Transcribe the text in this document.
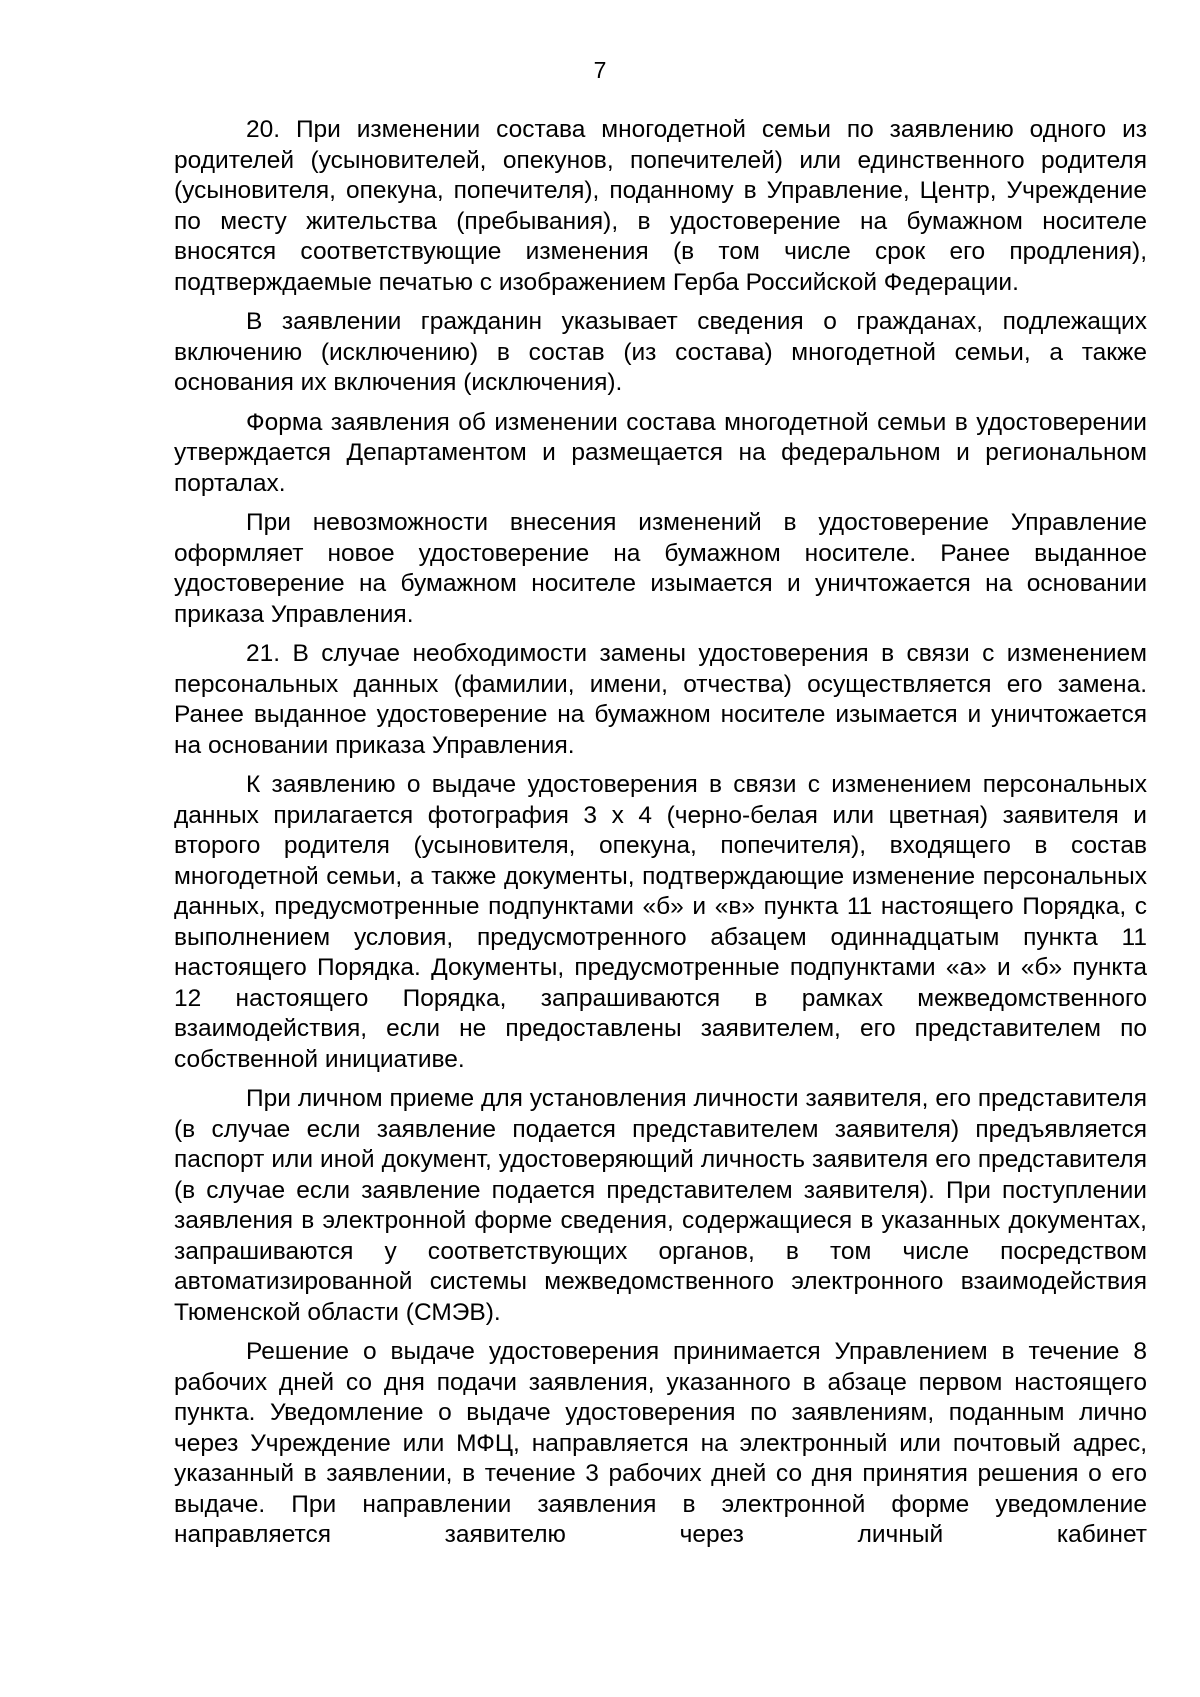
7

20. При изменении состава многодетной семьи по заявлению одного из родителей (усыновителей, опекунов, попечителей) или единственного родителя (усыновителя, опекуна, попечителя), поданному в Управление, Центр, Учреждение по месту жительства (пребывания), в удостоверение на бумажном носителе вносятся соответствующие изменения (в том числе срок его продления), подтверждаемые печатью с изображением Герба Российской Федерации.

В заявлении гражданин указывает сведения о гражданах, подлежащих включению (исключению) в состав (из состава) многодетной семьи, а также основания их включения (исключения).

Форма заявления об изменении состава многодетной семьи в удостоверении утверждается Департаментом и размещается на федеральном и региональном порталах.

При невозможности внесения изменений в удостоверение Управление оформляет новое удостоверение на бумажном носителе. Ранее выданное удостоверение на бумажном носителе изымается и уничтожается на основании приказа Управления.

21. В случае необходимости замены удостоверения в связи с изменением персональных данных (фамилии, имени, отчества) осуществляется его замена. Ранее выданное удостоверение на бумажном носителе изымается и уничтожается на основании приказа Управления.

К заявлению о выдаче удостоверения в связи с изменением персональных данных прилагается фотография 3 х 4 (черно-белая или цветная) заявителя и второго родителя (усыновителя, опекуна, попечителя), входящего в состав многодетной семьи, а также документы, подтверждающие изменение персональных данных, предусмотренные подпунктами «б» и «в» пункта 11 настоящего Порядка, с выполнением условия, предусмотренного абзацем одиннадцатым пункта 11 настоящего Порядка. Документы, предусмотренные подпунктами «а» и «б» пункта 12 настоящего Порядка, запрашиваются в рамках межведомственного взаимодействия, если не предоставлены заявителем, его представителем по собственной инициативе.

При личном приеме для установления личности заявителя, его представителя (в случае если заявление подается представителем заявителя) предъявляется паспорт или иной документ, удостоверяющий личность заявителя его представителя (в случае если заявление подается представителем заявителя). При поступлении заявления в электронной форме сведения, содержащиеся в указанных документах, запрашиваются у соответствующих органов, в том числе посредством автоматизированной системы межведомственного электронного взаимодействия Тюменской области (СМЭВ).

Решение о выдаче удостоверения принимается Управлением в течение 8 рабочих дней со дня подачи заявления, указанного в абзаце первом настоящего пункта. Уведомление о выдаче удостоверения по заявлениям, поданным лично через Учреждение или МФЦ, направляется на электронный или почтовый адрес, указанный в заявлении, в течение 3 рабочих дней со дня принятия решения о его выдаче. При направлении заявления в электронной форме уведомление направляется заявителю через личный кабинет
